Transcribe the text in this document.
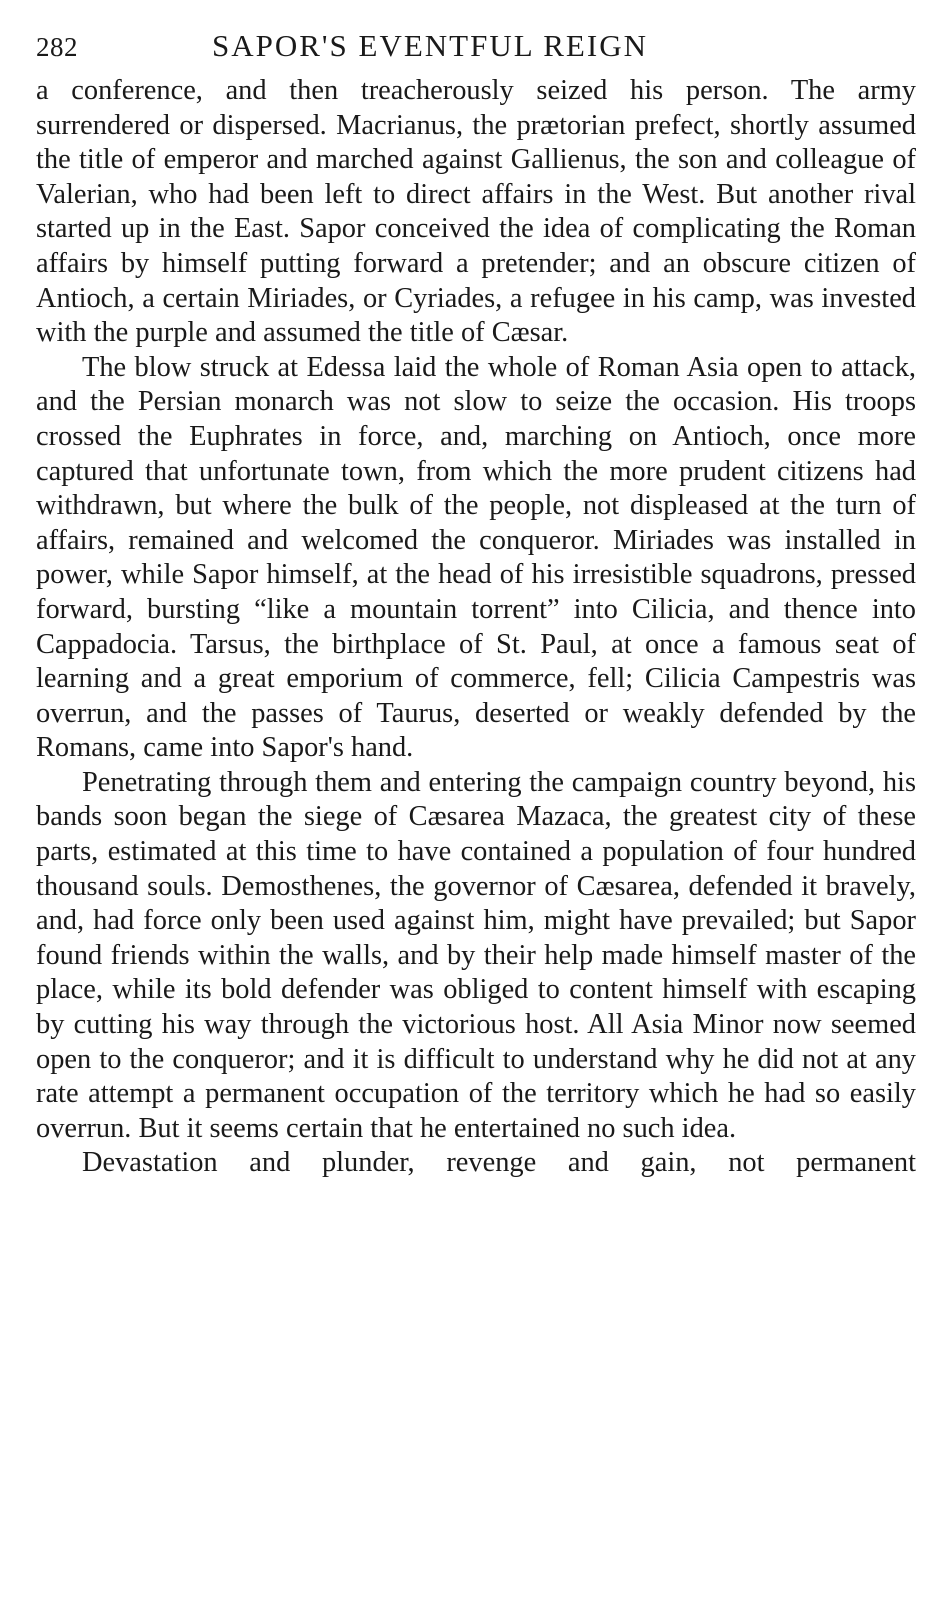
282	SAPOR'S EVENTFUL REIGN

a conference, and then treacherously seized his person. The army surrendered or dispersed. Macrianus, the prætorian prefect, shortly assumed the title of emperor and marched against Gallienus, the son and colleague of Valerian, who had been left to direct affairs in the West. But another rival started up in the East. Sapor conceived the idea of complicating the Roman affairs by himself putting forward a pretender; and an obscure citizen of Antioch, a certain Miriades, or Cyriades, a refugee in his camp, was invested with the purple and assumed the title of Cæsar.

The blow struck at Edessa laid the whole of Roman Asia open to attack, and the Persian monarch was not slow to seize the occasion. His troops crossed the Euphrates in force, and, marching on Antioch, once more captured that unfortunate town, from which the more prudent citizens had withdrawn, but where the bulk of the people, not displeased at the turn of affairs, remained and welcomed the conqueror. Miriades was installed in power, while Sapor himself, at the head of his irresistible squadrons, pressed forward, bursting “like a mountain torrent” into Cilicia, and thence into Cappadocia. Tarsus, the birthplace of St. Paul, at once a famous seat of learning and a great emporium of commerce, fell; Cilicia Campestris was overrun, and the passes of Taurus, deserted or weakly defended by the Romans, came into Sapor's hand.

Penetrating through them and entering the campaign country beyond, his bands soon began the siege of Cæsarea Mazaca, the greatest city of these parts, estimated at this time to have contained a population of four hundred thousand souls. Demosthenes, the governor of Cæsarea, defended it bravely, and, had force only been used against him, might have prevailed; but Sapor found friends within the walls, and by their help made himself master of the place, while its bold defender was obliged to content himself with escaping by cutting his way through the victorious host. All Asia Minor now seemed open to the conqueror; and it is difficult to understand why he did not at any rate attempt a permanent occupation of the territory which he had so easily overrun. But it seems certain that he entertained no such idea.

Devastation and plunder, revenge and gain, not permanent
